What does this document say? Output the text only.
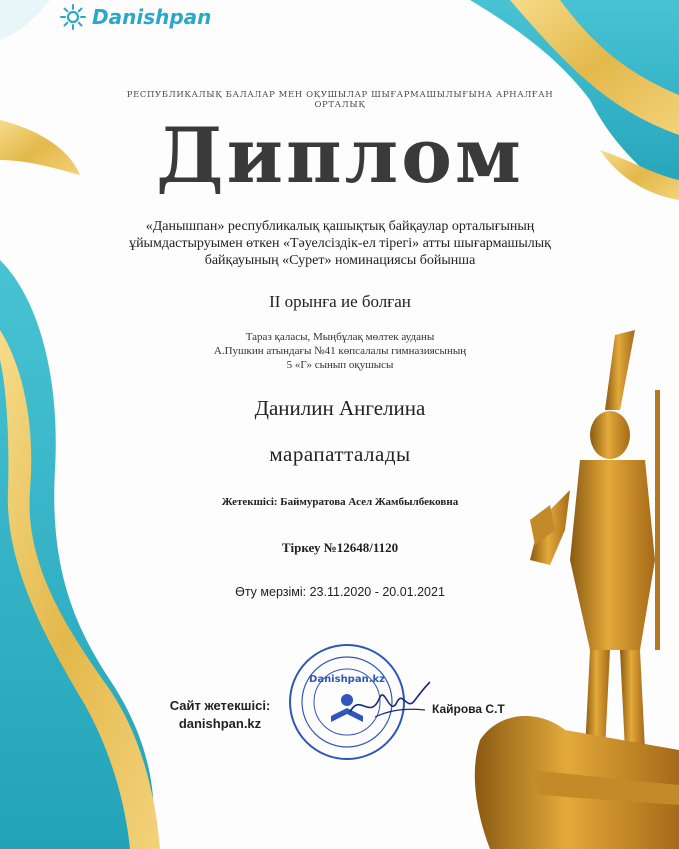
Danishpan
РЕСПУБЛИКАЛЫҚ БАЛАЛАР МЕН ОҚУШЫЛАР ШЫҒАРМАШЫЛЫҒЫНА АРНАЛҒАН ОРТАЛЫҚ
Диплом
«Данышпан» республикалық қашықтық байқаулар орталығының
ұйымдастыруымен өткен «Тәуелсіздік-ел тірегі» атты шығармашылық
байқауының «Сурет» номинациясы бойынша
II орынға ие болған
Тараз қаласы, Мыңбұлақ мөлтек ауданы
А.Пушкин атындағы №41 көпсалалы гимназиясының
5 «Г» сынып оқушысы
Данилин Ангелина
марапатталады
Жетекшісі: Баймуратова Асел Жамбылбековна
Тіркеу №12648/1120
Өту мерзімі: 23.11.2020 - 20.01.2021
Danishpan.kz
Сайт жетекшісі:
danishpan.kz
Кайрова С.Т
